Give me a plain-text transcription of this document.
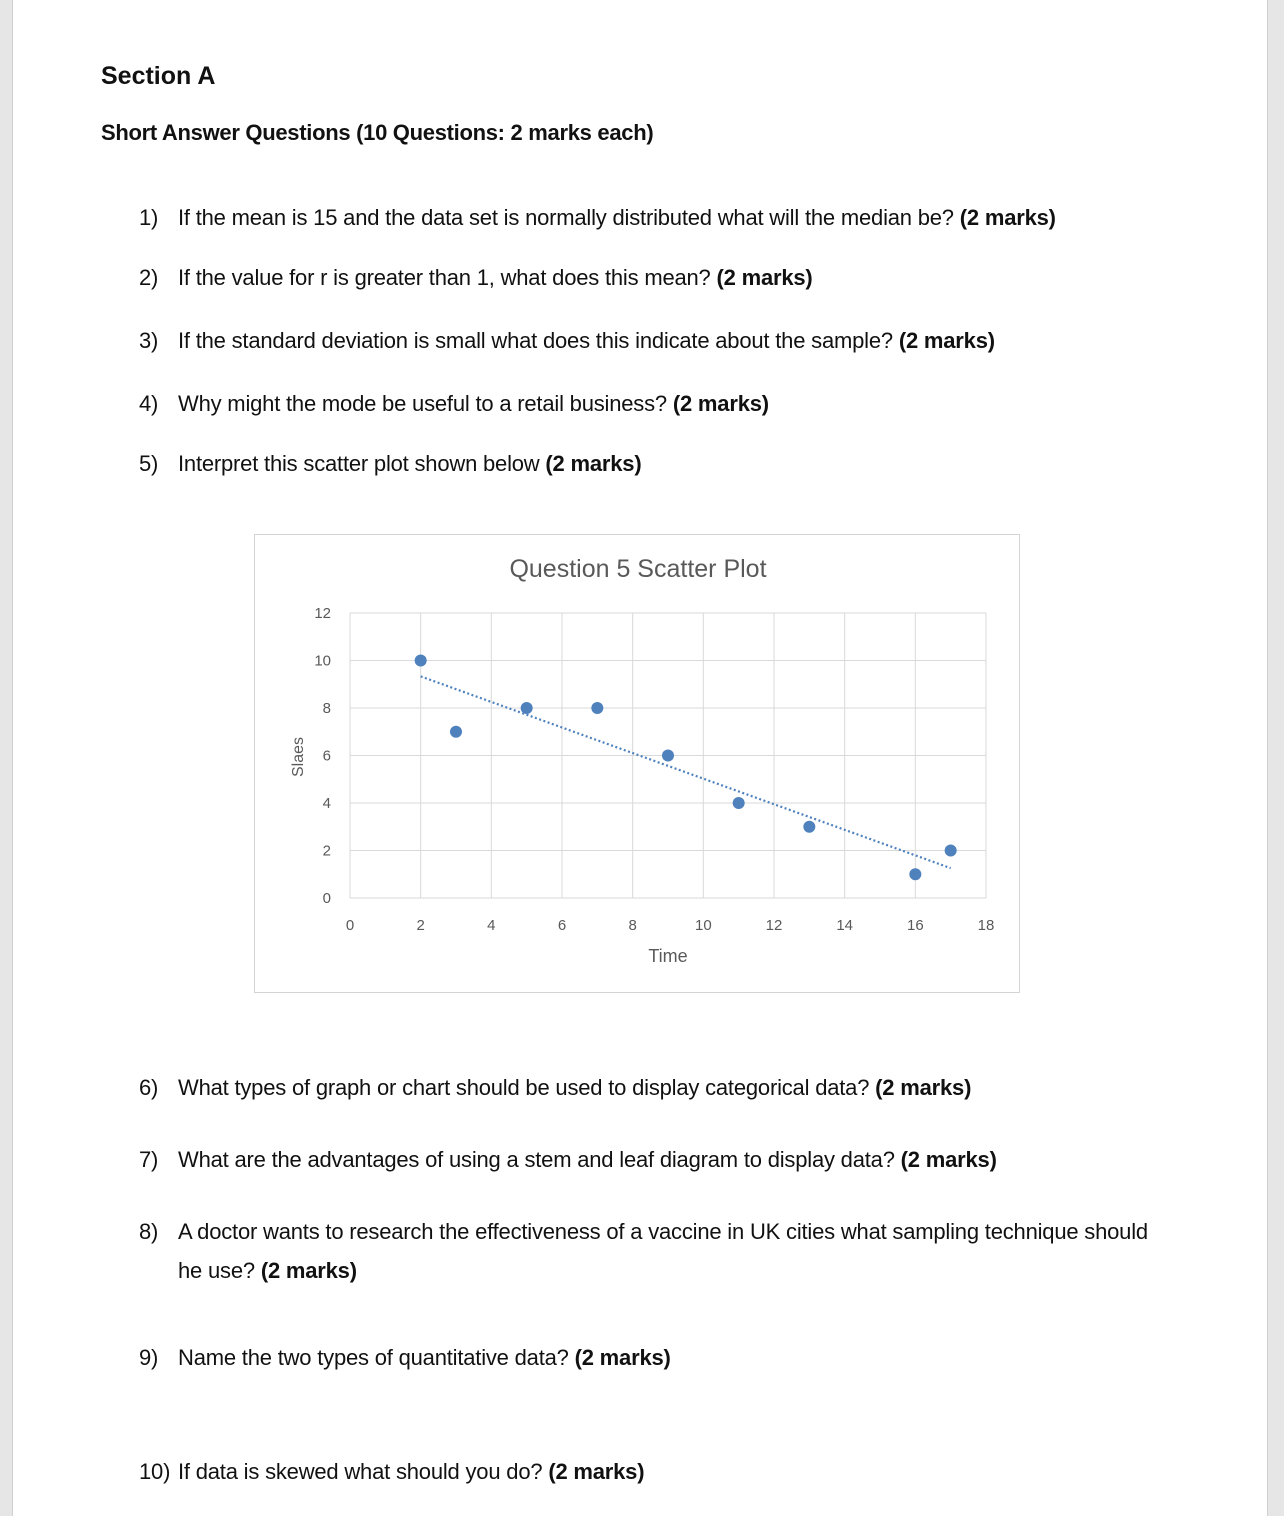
Section A
Short Answer Questions (10 Questions: 2 marks each)
1) If the mean is 15 and the data set is normally distributed what will the median be? (2 marks)
2) If the value for r is greater than 1, what does this mean? (2 marks)
3) If the standard deviation is small what does this indicate about the sample? (2 marks)
4) Why might the mode be useful to a retail business? (2 marks)
5) Interpret this scatter plot shown below (2 marks)
Question 5 Scatter Plot
0	2	4	6	8	10	12	14	16	18
0
2
4
6
8
10
12
Time
Slaes
6) What types of graph or chart should be used to display categorical data? (2 marks)
7) What are the advantages of using a stem and leaf diagram to display data? (2 marks)
8) A doctor wants to research the effectiveness of a vaccine in UK cities what sampling technique should he use? (2 marks)
9) Name the two types of quantitative data? (2 marks)
10) If data is skewed what should you do? (2 marks)
